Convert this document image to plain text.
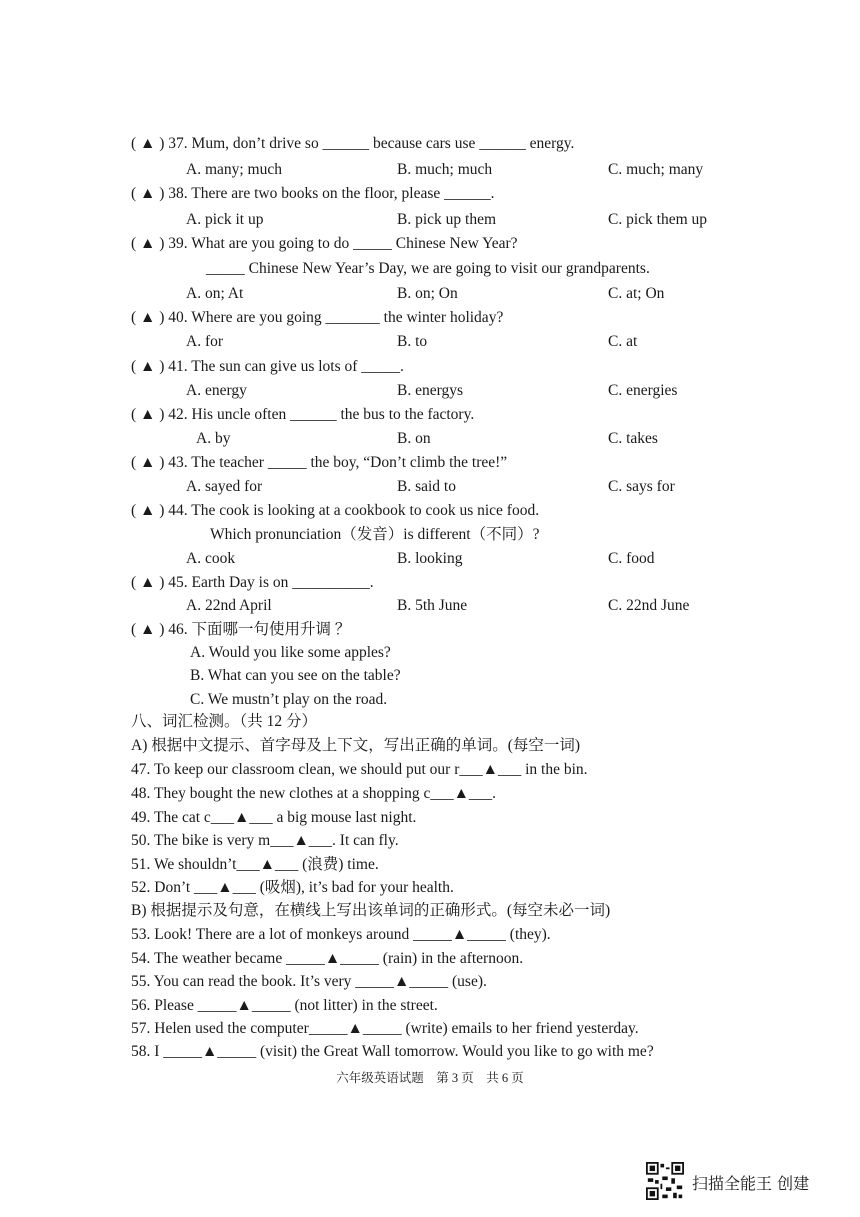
( ▲ ) 37. Mum, don’t drive so ______ because cars use ______ energy.
A. many; much	B. much; much	C. much; many
( ▲ ) 38. There are two books on the floor, please ______.
A. pick it up	B. pick up them	C. pick them up
( ▲ ) 39. What are you going to do _____ Chinese New Year?
_____ Chinese New Year’s Day, we are going to visit our grandparents.
A. on; At	B. on; On	C. at; On
( ▲ ) 40. Where are you going _______ the winter holiday?
A. for	B. to	C. at
( ▲ ) 41. The sun can give us lots of _____.
A. energy	B. energys	C. energies
( ▲ ) 42. His uncle often ______ the bus to the factory.
A. by	B. on	C. takes
( ▲ ) 43. The teacher _____ the boy, “Don’t climb the tree!”
A. sayed for	B. said to	C. says for
( ▲ ) 44. The cook is looking at a cookbook to cook us nice food.
Which pronunciation（发音）is different（不同）?
A. cook	B. looking	C. food
( ▲ ) 45. Earth Day is on __________.
A. 22nd April	B. 5th June	C. 22nd June
( ▲ ) 46. 下面哪一句使用升调 ？
A. Would you like some apples?
B. What can you see on the table?
C. We mustn’t play on the road.
八、词汇检测。（共 12 分）
A) 根据中文提示、首字母及上下文，写出正确的单词。(每空一词)
47. To keep our classroom clean, we should put our r___▲___ in the bin.
48. They bought the new clothes at a shopping c___▲___.
49. The cat c___▲___ a big mouse last night.
50. The bike is very m___▲___. It can fly.
51. We shouldn’t___▲___ (浪费) time.
52. Don’t ___▲___ (吸烟), it’s bad for your health.
B) 根据提示及句意，在横线上写出该单词的正确形式。(每空未必一词)
53. Look! There are a lot of monkeys around _____▲_____ (they).
54. The weather became _____▲_____ (rain) in the afternoon.
55. You can read the book. It’s very _____▲_____ (use).
56. Please _____▲_____ (not litter) in the street.
57. Helen used the computer_____▲_____ (write) emails to her friend yesterday.
58. I _____▲_____ (visit) the Great Wall tomorrow. Would you like to go with me?
六年级英语试题　第 3 页　共 6 页
扫描全能王 创建
